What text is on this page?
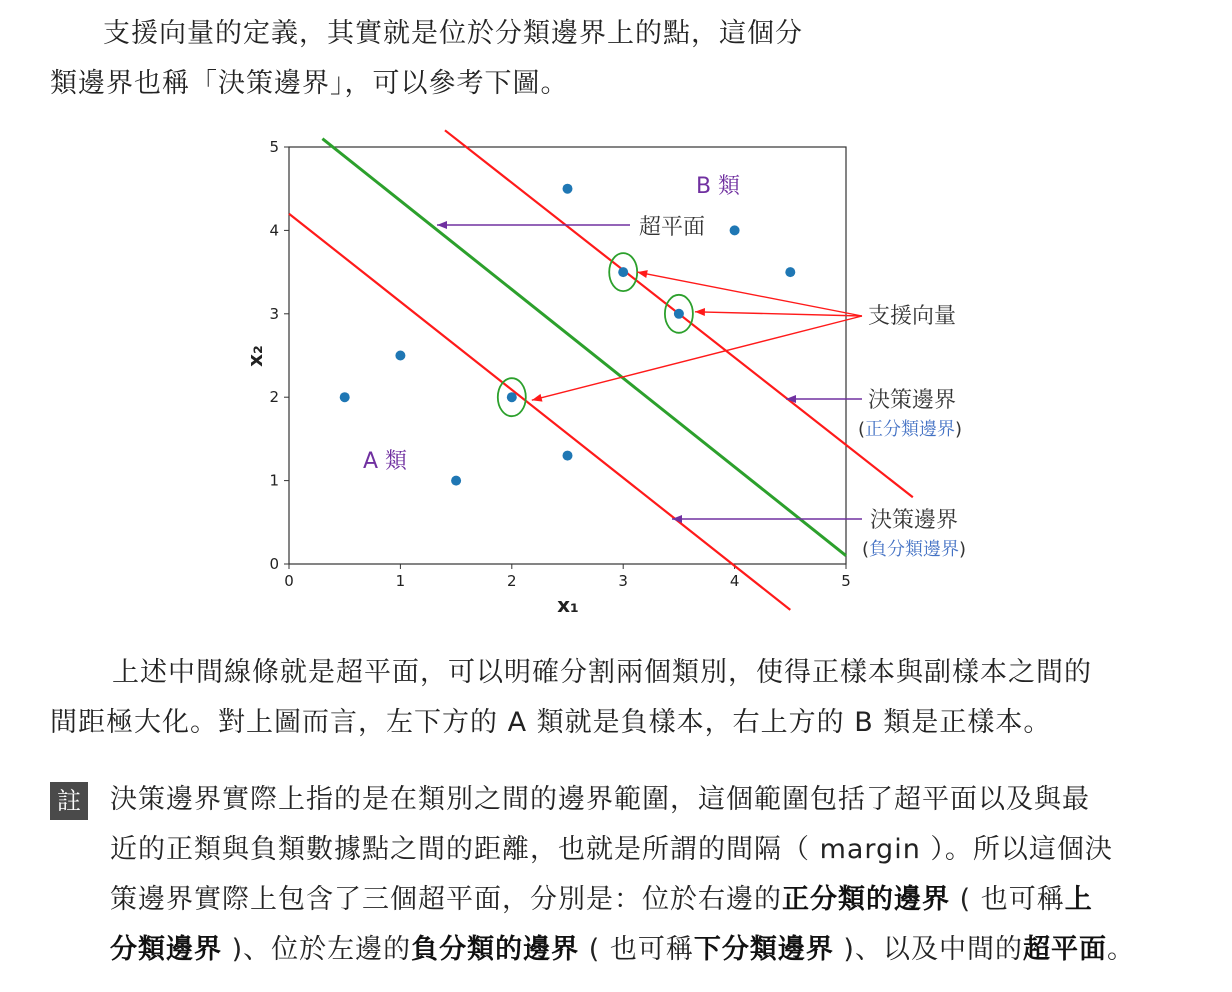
支援向量的定義，其實就是位於分類邊界上的點，這個分
類邊界也稱「決策邊界」，可以參考下圖。
0	1	2	3	4	5
0
1
2
3
4
5
B 類
A 類
超平面
支援向量
決策邊界
(正分類邊界)
決策邊界
(負分類邊界)
x₁
x₂
上述中間線條就是超平面，可以明確分割兩個類別，使得正樣本與副樣本之間的
間距極大化。對上圖而言，左下方的 A 類就是負樣本，右上方的 B 類是正樣本。
註 決策邊界實際上指的是在類別之間的邊界範圍，這個範圍包括了超平面以及與最
近的正類與負類數據點之間的距離，也就是所謂的間隔（ margin ）。所以這個決
策邊界實際上包含了三個超平面，分別是：位於右邊的正分類的邊界 ( 也可稱上
分類邊界 )、位於左邊的負分類的邊界 ( 也可稱下分類邊界 )、以及中間的超平面。
